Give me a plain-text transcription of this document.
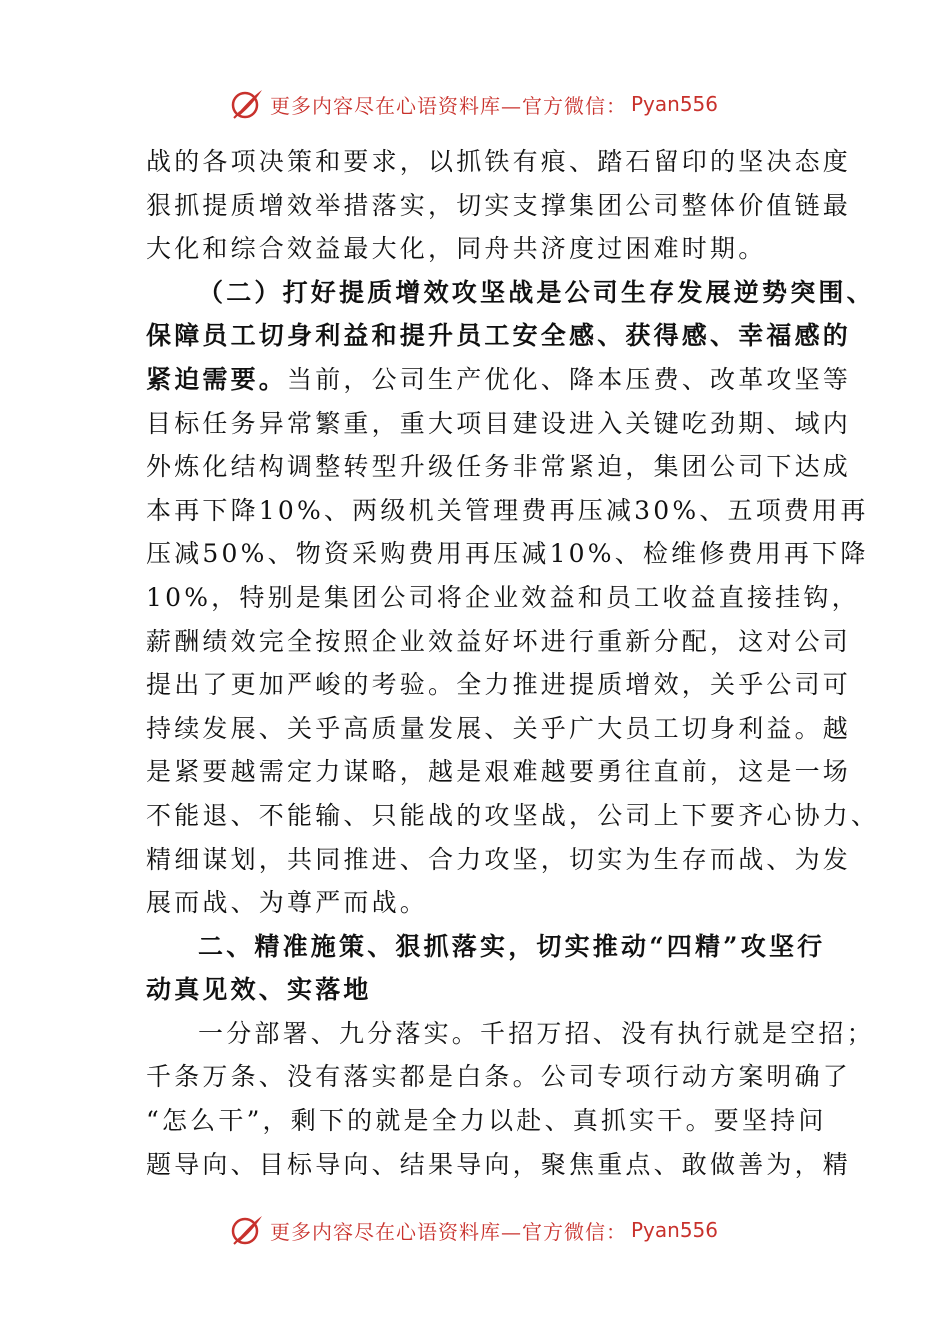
更多内容尽在心语资料库—官方微信： Pyan556
战的各项决策和要求，以抓铁有痕、踏石留印的坚决态度
狠抓提质增效举措落实，切实支撑集团公司整体价值链最
大化和综合效益最大化，同舟共济度过困难时期。
（二）打好提质增效攻坚战是公司生存发展逆势突围、
保障员工切身利益和提升员工安全感、获得感、幸福感的
紧迫需要。当前，公司生产优化、降本压费、改革攻坚等
目标任务异常繁重，重大项目建设进入关键吃劲期、域内
外炼化结构调整转型升级任务非常紧迫，集团公司下达成
本再下降10%、两级机关管理费再压减30%、五项费用再
压减50%、物资采购费用再压减10%、检维修费用再下降
10%，特别是集团公司将企业效益和员工收益直接挂钩，
薪酬绩效完全按照企业效益好坏进行重新分配，这对公司
提出了更加严峻的考验。全力推进提质增效，关乎公司可
持续发展、关乎高质量发展、关乎广大员工切身利益。越
是紧要越需定力谋略，越是艰难越要勇往直前，这是一场
不能退、不能输、只能战的攻坚战，公司上下要齐心协力、
精细谋划，共同推进、合力攻坚，切实为生存而战、为发
展而战、为尊严而战。
二、精准施策、狠抓落实，切实推动“四精”攻坚行
动真见效、实落地
一分部署、九分落实。千招万招、没有执行就是空招；
千条万条、没有落实都是白条。公司专项行动方案明确了
“怎么干”，剩下的就是全力以赴、真抓实干。要坚持问
题导向、目标导向、结果导向，聚焦重点、敢做善为，精
更多内容尽在心语资料库—官方微信： Pyan556
